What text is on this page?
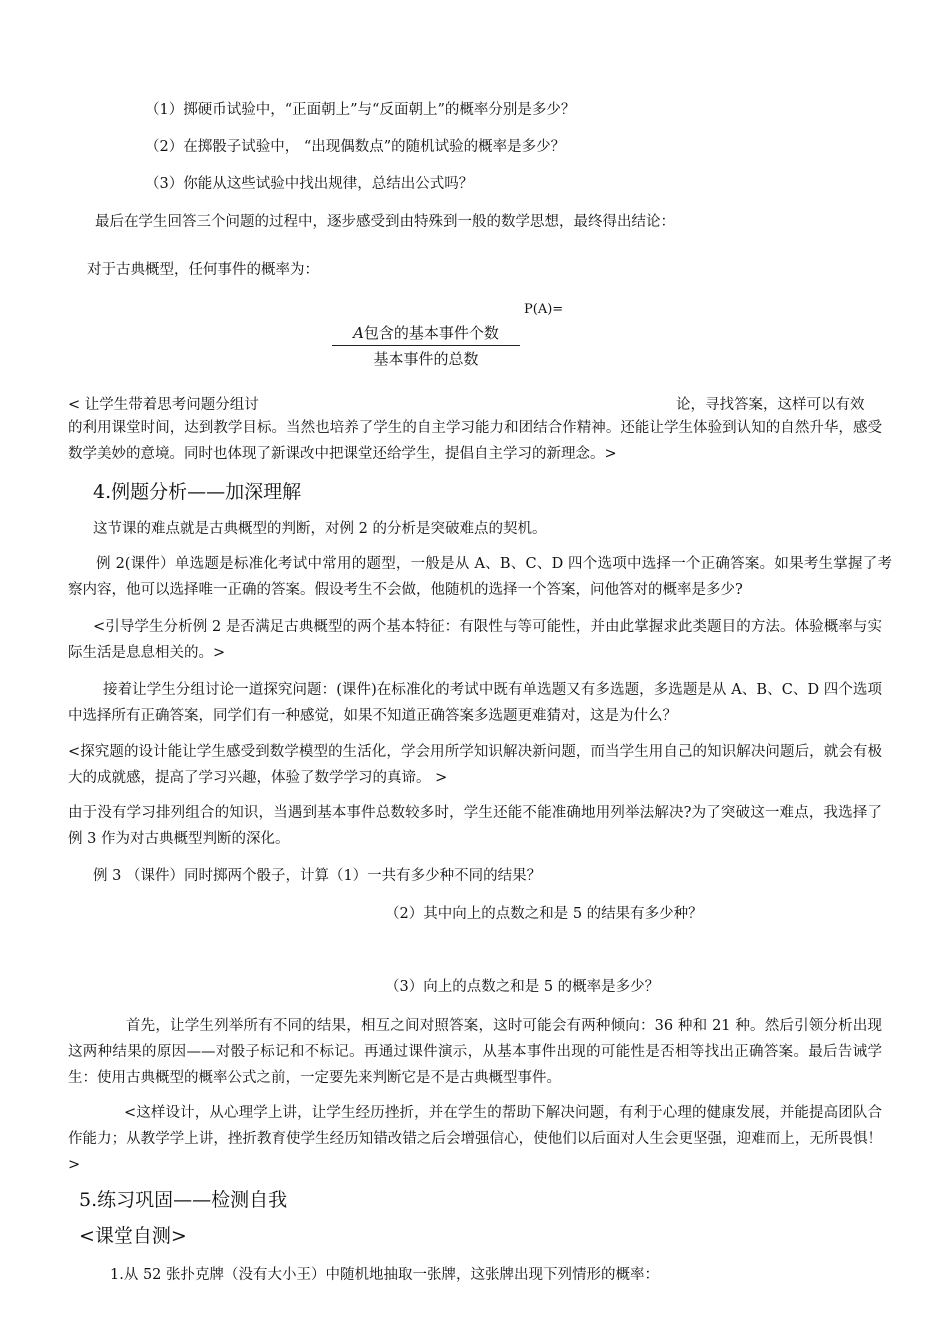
（1）掷硬币试验中，“正面朝上”与“反面朝上”的概率分别是多少？
（2）在掷骰子试验中， “出现偶数点”的随机试验的概率是多少？
（3）你能从这些试验中找出规律，总结出公式吗？
最后在学生回答三个问题的过程中，逐步感受到由特殊到一般的数学思想，最终得出结论：
对于古典概型，任何事件的概率为：
P(A)=
A包含的基本事件个数
基本事件的总数
< 让学生带着思考问题分组讨	论，寻找答案，这样可以有效
的利用课堂时间，达到教学目标。当然也培养了学生的自主学习能力和团结合作精神。还能让学生体验到认知的自然升华，感受数学美妙的意境。同时也体现了新课改中把课堂还给学生，提倡自主学习的新理念。>
4.例题分析——加深理解
这节课的难点就是古典概型的判断，对例 2 的分析是突破难点的契机。
例 2(课件）单选题是标准化考试中常用的题型，一般是从 A、B、C、D 四个选项中选择一个正确答案。如果考生掌握了考察内容，他可以选择唯一正确的答案。假设考生不会做，他随机的选择一个答案，问他答对的概率是多少?
<引导学生分析例 2 是否满足古典概型的两个基本特征：有限性与等可能性，并由此掌握求此类题目的方法。体验概率与实际生活是息息相关的。>
接着让学生分组讨论一道探究问题：(课件)在标准化的考试中既有单选题又有多选题，多选题是从 A、B、C、D 四个选项中选择所有正确答案，同学们有一种感觉，如果不知道正确答案多选题更难猜对，这是为什么？
<探究题的设计能让学生感受到数学模型的生活化，学会用所学知识解决新问题，而当学生用自己的知识解决问题后，就会有极大的成就感，提高了学习兴趣，体验了数学学习的真谛。 >
由于没有学习排列组合的知识，当遇到基本事件总数较多时，学生还能不能准确地用列举法解决?为了突破这一难点，我选择了例 3 作为对古典概型判断的深化。
例 3 （课件）同时掷两个骰子，计算（1）一共有多少种不同的结果？
（2）其中向上的点数之和是 5 的结果有多少种？
（3）向上的点数之和是 5 的概率是多少？
首先，让学生列举所有不同的结果，相互之间对照答案，这时可能会有两种倾向：36 种和 21 种。然后引领分析出现这两种结果的原因——对骰子标记和不标记。再通过课件演示，从基本事件出现的可能性是否相等找出正确答案。最后告诫学生：使用古典概型的概率公式之前，一定要先来判断它是不是古典概型事件。
<这样设计，从心理学上讲，让学生经历挫折，并在学生的帮助下解决问题，有利于心理的健康发展，并能提高团队合作能力；从教学学上讲，挫折教育使学生经历知错改错之后会增强信心，使他们以后面对人生会更坚强，迎难而上，无所畏惧！>
5.练习巩固——检测自我
<课堂自测>
1.从 52 张扑克牌（没有大小王）中随机地抽取一张牌，这张牌出现下列情形的概率：
